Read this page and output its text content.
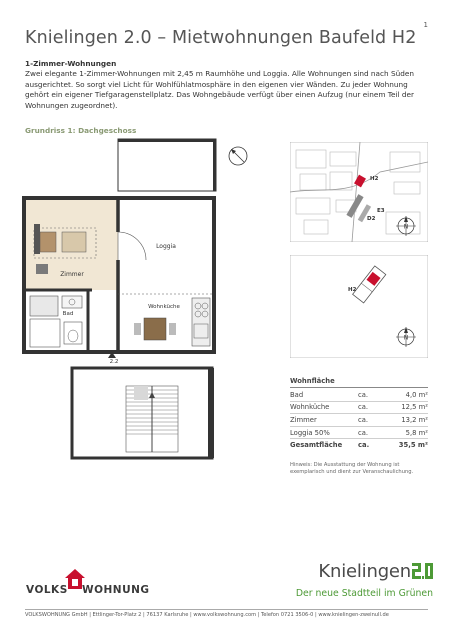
1
Knielingen 2.0 – Mietwohnungen Baufeld H2
1-Zimmer-Wohnungen
Zwei elegante 1-Zimmer-Wohnungen mit 2,45 m Raumhöhe und Loggia. Alle Wohnungen sind nach Süden ausgerichtet. So sorgt viel Licht für Wohlfühlatmosphäre in den eigenen vier Wänden. Zu jeder Wohnung gehört ein eigener Tiefgaragenstellplatz. Das Wohngebäude verfügt über einen Aufzug (nur einem Teil der Wohnungen zugeordnet).
Grundriss 1: Dachgeschoss
Zimmer
Loggia
Bad
Wohnküche
2.2
H2
E3
D2
N
H2
N
Wohnfläche
Bad	ca.	4,0 m²
Wohnküche	ca.	12,5 m²
Zimmer	ca.	13,2 m²
Loggia 50%	ca.	5,8 m²
Gesamtfläche	ca.	35,5 m²
Hinweis: Die Ausstattung der Wohnung ist exemplarisch und dient zur Veranschaulichung.
VOLKS WOHNUNG
Knielingen
Der neue Stadtteil im Grünen
VOLKSWOHNUNG GmbH | Ettlinger-Tor-Platz 2 | 76137 Karlsruhe | www.volkswohnung.com | Telefon 0721 3506-0 | www.knielingen-zweinull.de
